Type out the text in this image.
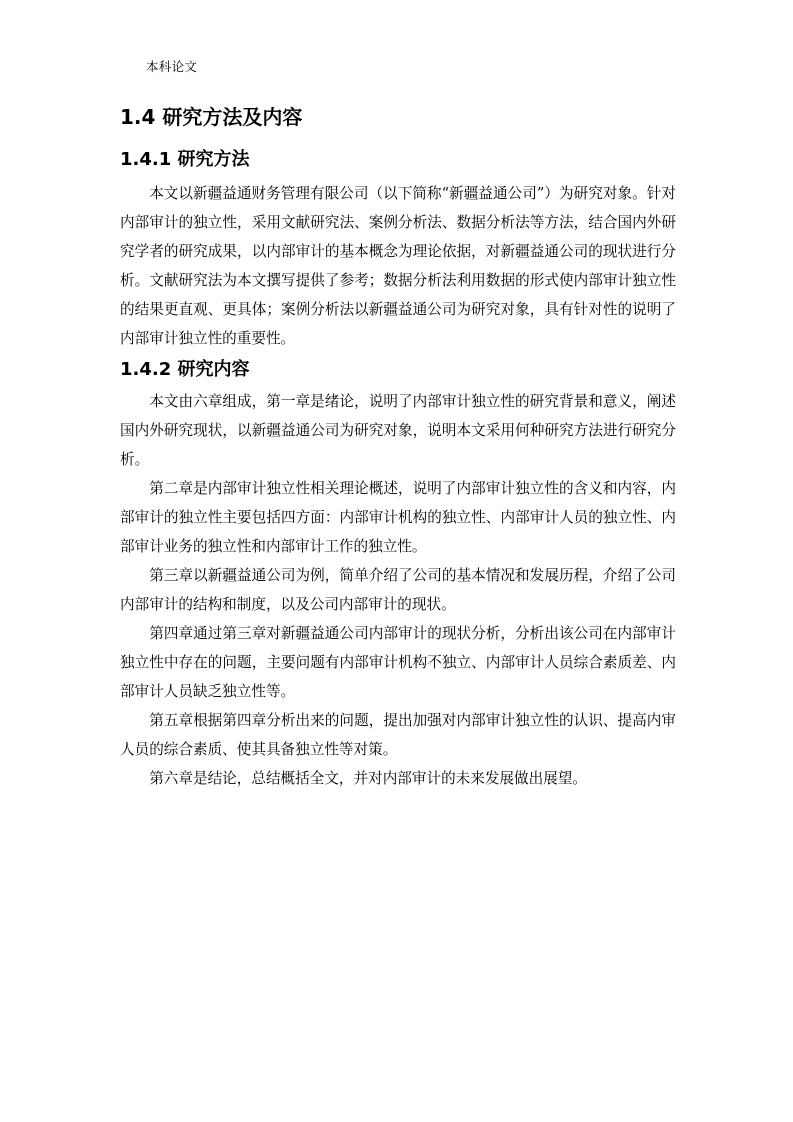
本科论文
1.4 研究方法及内容
1.4.1 研究方法

本文以新疆益通财务管理有限公司（以下简称“新疆益通公司”）为研究对象。针对内部审计的独立性，采用文献研究法、案例分析法、数据分析法等方法，结合国内外研究学者的研究成果，以内部审计的基本概念为理论依据，对新疆益通公司的现状进行分析。文献研究法为本文撰写提供了参考；数据分析法利用数据的形式使内部审计独立性的结果更直观、更具体；案例分析法以新疆益通公司为研究对象，具有针对性的说明了内部审计独立性的重要性。

1.4.2 研究内容

本文由六章组成，第一章是绪论，说明了内部审计独立性的研究背景和意义，阐述国内外研究现状，以新疆益通公司为研究对象，说明本文采用何种研究方法进行研究分析。

第二章是内部审计独立性相关理论概述，说明了内部审计独立性的含义和内容，内部审计的独立性主要包括四方面：内部审计机构的独立性、内部审计人员的独立性、内部审计业务的独立性和内部审计工作的独立性。

第三章以新疆益通公司为例，简单介绍了公司的基本情况和发展历程，介绍了公司内部审计的结构和制度，以及公司内部审计的现状。

第四章通过第三章对新疆益通公司内部审计的现状分析，分析出该公司在内部审计独立性中存在的问题，主要问题有内部审计机构不独立、内部审计人员综合素质差、内部审计人员缺乏独立性等。

第五章根据第四章分析出来的问题，提出加强对内部审计独立性的认识、提高内审人员的综合素质、使其具备独立性等对策。

第六章是结论，总结概括全文，并对内部审计的未来发展做出展望。
